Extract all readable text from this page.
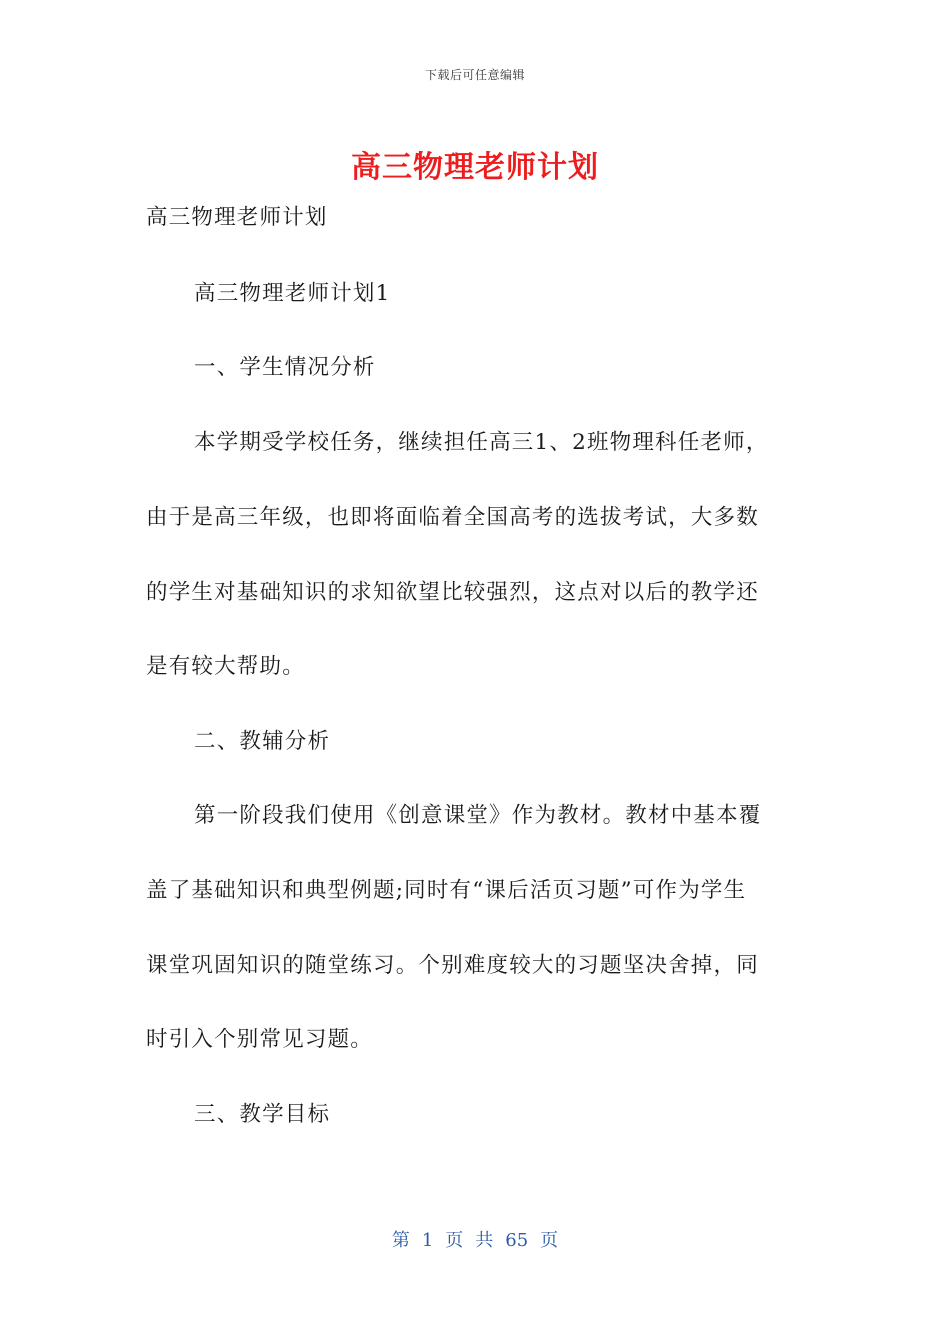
下载后可任意编辑
高三物理老师计划
高三物理老师计划
高三物理老师计划1
一、学生情况分析
本学期受学校任务，继续担任高三1、2班物理科任老师，
由于是高三年级，也即将面临着全国高考的选拔考试，大多数
的学生对基础知识的求知欲望比较强烈，这点对以后的教学还
是有较大帮助。
二、教辅分析
第一阶段我们使用《创意课堂》作为教材。教材中基本覆
盖了基础知识和典型例题;同时有“课后活页习题”可作为学生
课堂巩固知识的随堂练习。个别难度较大的习题坚决舍掉，同
时引入个别常见习题。
三、教学目标
第 1 页 共 65 页
